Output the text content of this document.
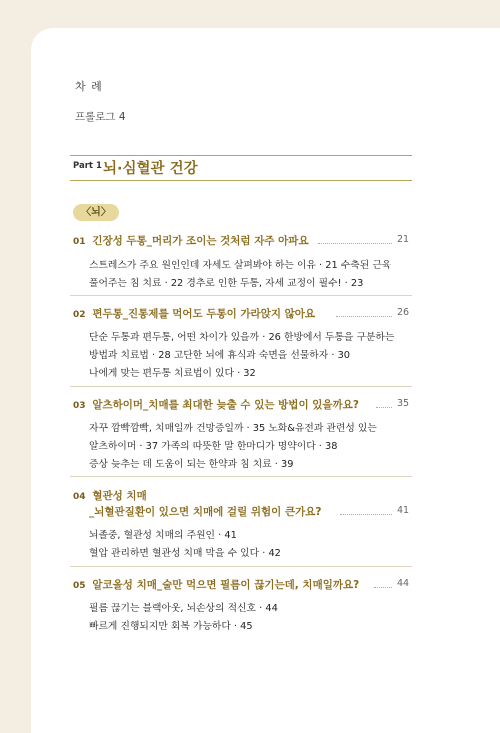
차 례
프롤로그 4
Part 1 뇌·심혈관 건강
〈뇌〉
01 긴장성 두통_머리가 조이는 것처럼 자주 아파요	21
스트레스가 주요 원인인데 자세도 살펴봐야 하는 이유 · 21 수축된 근육
풀어주는 침 치료 · 22 경추로 인한 두통, 자세 교정이 필수! · 23
02 편두통_진통제를 먹어도 두통이 가라앉지 않아요	26
단순 두통과 편두통, 어떤 차이가 있을까 · 26 한방에서 두통을 구분하는
방법과 치료법 · 28 고단한 뇌에 휴식과 숙면을 선물하자 · 30
나에게 맞는 편두통 치료법이 있다 · 32
03 알츠하이머_치매를 최대한 늦출 수 있는 방법이 있을까요?	35
자꾸 깜빡깜빡, 치매일까 건망증일까 · 35 노화&유전과 관련성 있는
알츠하이머 · 37 가족의 따뜻한 말 한마디가 명약이다 · 38
증상 늦추는 데 도움이 되는 한약과 침 치료 · 39
04 혈관성 치매
_뇌혈관질환이 있으면 치매에 걸릴 위험이 큰가요?	41
뇌졸중, 혈관성 치매의 주원인 · 41
혈압 관리하면 혈관성 치매 막을 수 있다 · 42
05 알코올성 치매_술만 먹으면 필름이 끊기는데, 치매일까요?	44
필름 끊기는 블랙아웃, 뇌손상의 적신호 · 44
빠르게 진행되지만 회복 가능하다 · 45
